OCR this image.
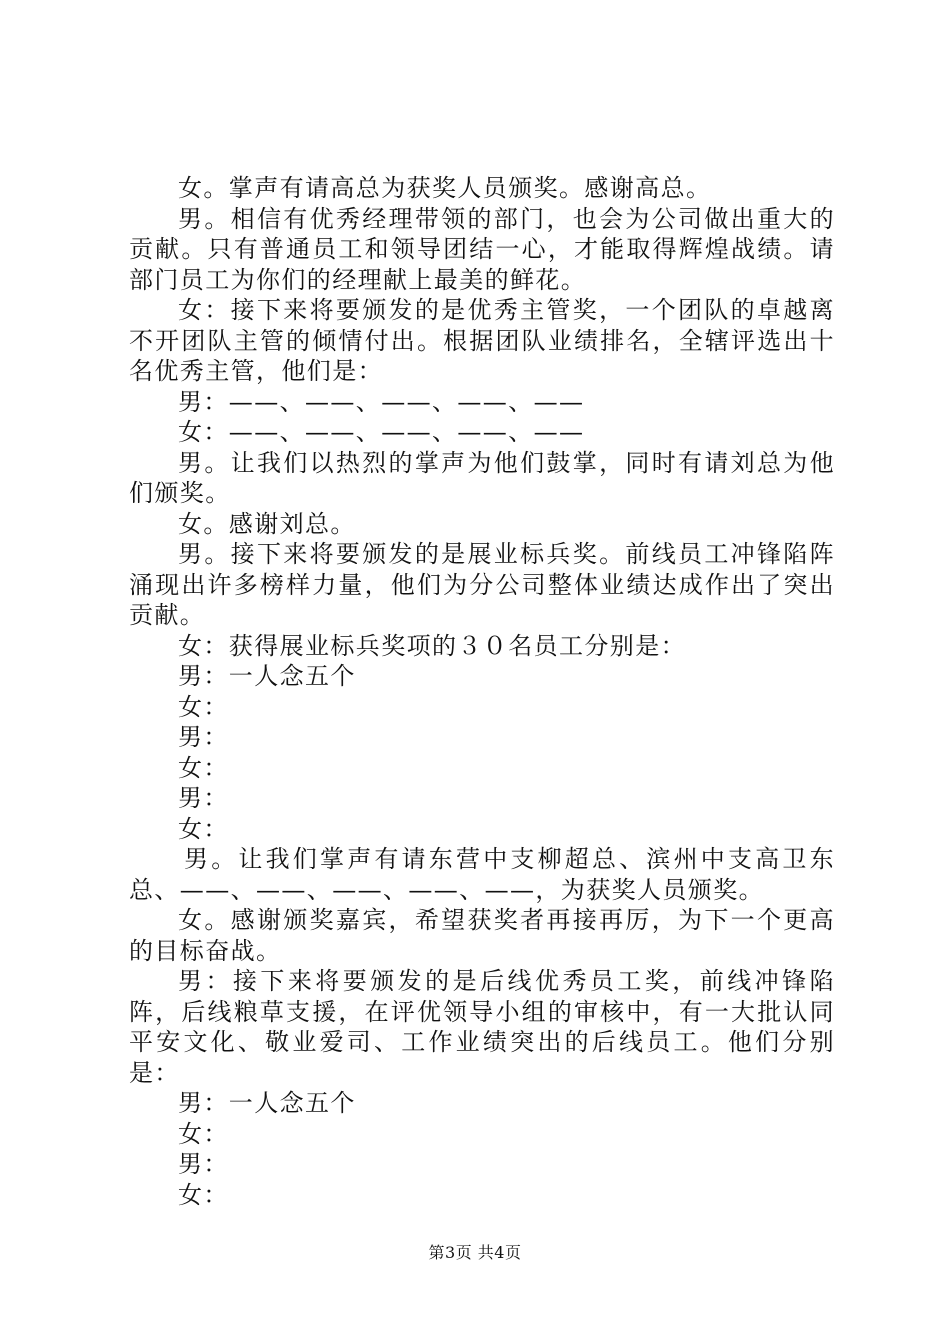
女。掌声有请高总为获奖人员颁奖。感谢高总。

男。相信有优秀经理带领的部门，也会为公司做出重大的贡献。只有普通员工和领导团结一心，才能取得辉煌战绩。请部门员工为你们的经理献上最美的鲜花。

女：接下来将要颁发的是优秀主管奖，一个团队的卓越离不开团队主管的倾情付出。根据团队业绩排名，全辖评选出十名优秀主管，他们是：

男：——、——、——、——、——

女：——、——、——、——、——

男。让我们以热烈的掌声为他们鼓掌，同时有请刘总为他们颁奖。

女。感谢刘总。

男。接下来将要颁发的是展业标兵奖。前线员工冲锋陷阵涌现出许多榜样力量，他们为分公司整体业绩达成作出了突出贡献。

女：获得展业标兵奖项的３０名员工分别是：

男：一人念五个

女：

男：

女：

男：

女：

男。让我们掌声有请东营中支柳超总、滨州中支高卫东总、——、——、——、——、——，为获奖人员颁奖。

女。感谢颁奖嘉宾，希望获奖者再接再厉，为下一个更高的目标奋战。

男：接下来将要颁发的是后线优秀员工奖，前线冲锋陷阵，后线粮草支援，在评优领导小组的审核中，有一大批认同平安文化、敬业爱司、工作业绩突出的后线员工。他们分别是：

男：一人念五个

女：

男：

女：

第3页 共4页
